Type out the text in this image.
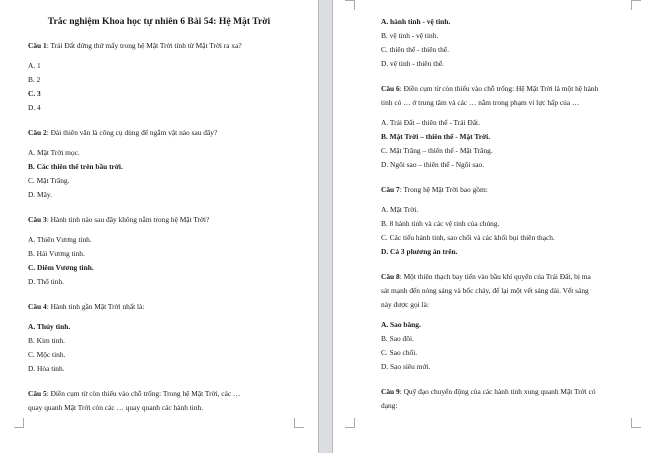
Trắc nghiệm Khoa học tự nhiên 6 Bài 54: Hệ Mặt Trời
Câu 1: Trái Đất đứng thứ mấy trong hệ Mặt Trời tính từ Mặt Trời ra xa?
A. 1
B. 2
C. 3
D. 4
Câu 2: Đài thiên văn là công cụ dùng để ngắm vật nào sau đây?
A. Mặt Trời mọc.
B. Các thiên thể trên bầu trời.
C. Mặt Trăng.
D. Mây.
Câu 3: Hành tinh nào sau đây không nằm trong hệ Mặt Trời?
A. Thiên Vương tinh.
B. Hải Vương tinh.
C. Diêm Vương tinh.
D. Thổ tinh.
Câu 4: Hành tinh gần Mặt Trời nhất là:
A. Thủy tinh.
B. Kim tinh.
C. Mộc tinh.
D. Hỏa tinh.
Câu 5: Điền cụm từ còn thiếu vào chỗ trống: Trong hệ Mặt Trời, các …
quay quanh Mặt Trời còn các … quay quanh các hành tinh.
A. hành tinh - vệ tinh.
B. vệ tinh - vệ tinh.
C. thiên thể - thiên thể.
D. vệ tinh - thiên thể.
Câu 6: Điền cụm từ còn thiếu vào chỗ trống: Hệ Mặt Trời là một hệ hành
tinh có … ở trung tâm và các … nằm trong phạm vi lực hấp của …
A. Trái Đất – thiên thể - Trái Đất.
B. Mặt Trời – thiên thể - Mặt Trời.
C. Mặt Trăng – thiên thể - Mặt Trăng.
D. Ngôi sao – thiên thể - Ngôi sao.
Câu 7: Trong hệ Mặt Trời bao gồm:
A. Mặt Trời.
B. 8 hành tinh và các vệ tinh của chúng.
C. Các tiểu hành tinh, sao chổi và các khối bụi thiên thạch.
D. Cả 3 phương án trên.
Câu 8: Một thiên thạch bay tiến vào bầu khí quyển của Trái Đất, bị ma
sát mạnh đến nóng sáng và bốc cháy, để lại một vết sáng dài. Vết sáng
này được gọi là:
A. Sao băng.
B. Sao đôi.
C. Sao chổi.
D. Sao siêu mới.
Câu 9: Quỹ đạo chuyển động của các hành tinh xung quanh Mặt Trời có
dạng:
